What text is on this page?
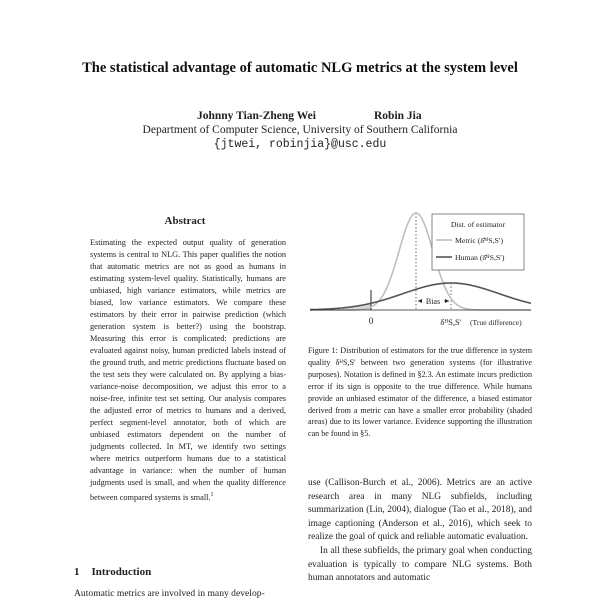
The statistical advantage of automatic NLG metrics at the system level
Johnny Tian-Zheng Wei	Robin Jia
Department of Computer Science, University of Southern California
{jtwei, robinjia}@usc.edu
Abstract
Estimating the expected output quality of generation systems is central to NLG. This paper qualifies the notion that automatic metrics are not as good as humans in estimating system-level quality. Statistically, humans are unbiased, high variance estimators, while metrics are biased, low variance estimators. We compare these estimators by their error in pairwise prediction (which generation system is better?) using the bootstrap. Measuring this error is complicated: predictions are evaluated against noisy, human predicted labels instead of the ground truth, and metric predictions fluctuate based on the test sets they were calculated on. By applying a bias-variance-noise decomposition, we adjust this error to a noise-free, infinite test set setting. Our analysis compares the adjusted error of metrics to humans and a derived, perfect segment-level annotator, both of which are unbiased estimators dependent on the number of judgments collected. In MT, we identify two settings where metrics outperform humans due to a statistical advantage in variance: when the number of human judgments used is small, and when the quality difference between compared systems is small.$^1$
1 Introduction
Automatic metrics are involved in many develop-
Bias
Dist. of estimator
Metric (δ̂ᴹS,S′)
Human (δ̂ᴴS,S′)
0	δᴴS,S′ (True difference)
Figure 1: Distribution of estimators for the true difference in system quality δᴴS,S′ between two generation systems (for illustrative purposes). Notation is defined in §2.3. An estimate incurs prediction error if its sign is opposite to the true difference. While humans provide an unbiased estimator of the difference, a biased estimator derived from a metric can have a smaller error probability (shaded areas) due to its lower variance. Evidence supporting the illustration can be found in §5.
use (Callison-Burch et al., 2006). Metrics are an active research area in many NLG subfields, including summarization (Lin, 2004), dialogue (Tao et al., 2018), and image captioning (Anderson et al., 2016), which seek to realize the goal of quick and reliable automatic evaluation.
In all these subfields, the primary goal when conducting evaluation is typically to compare NLG systems. Both human annotators and automatic
